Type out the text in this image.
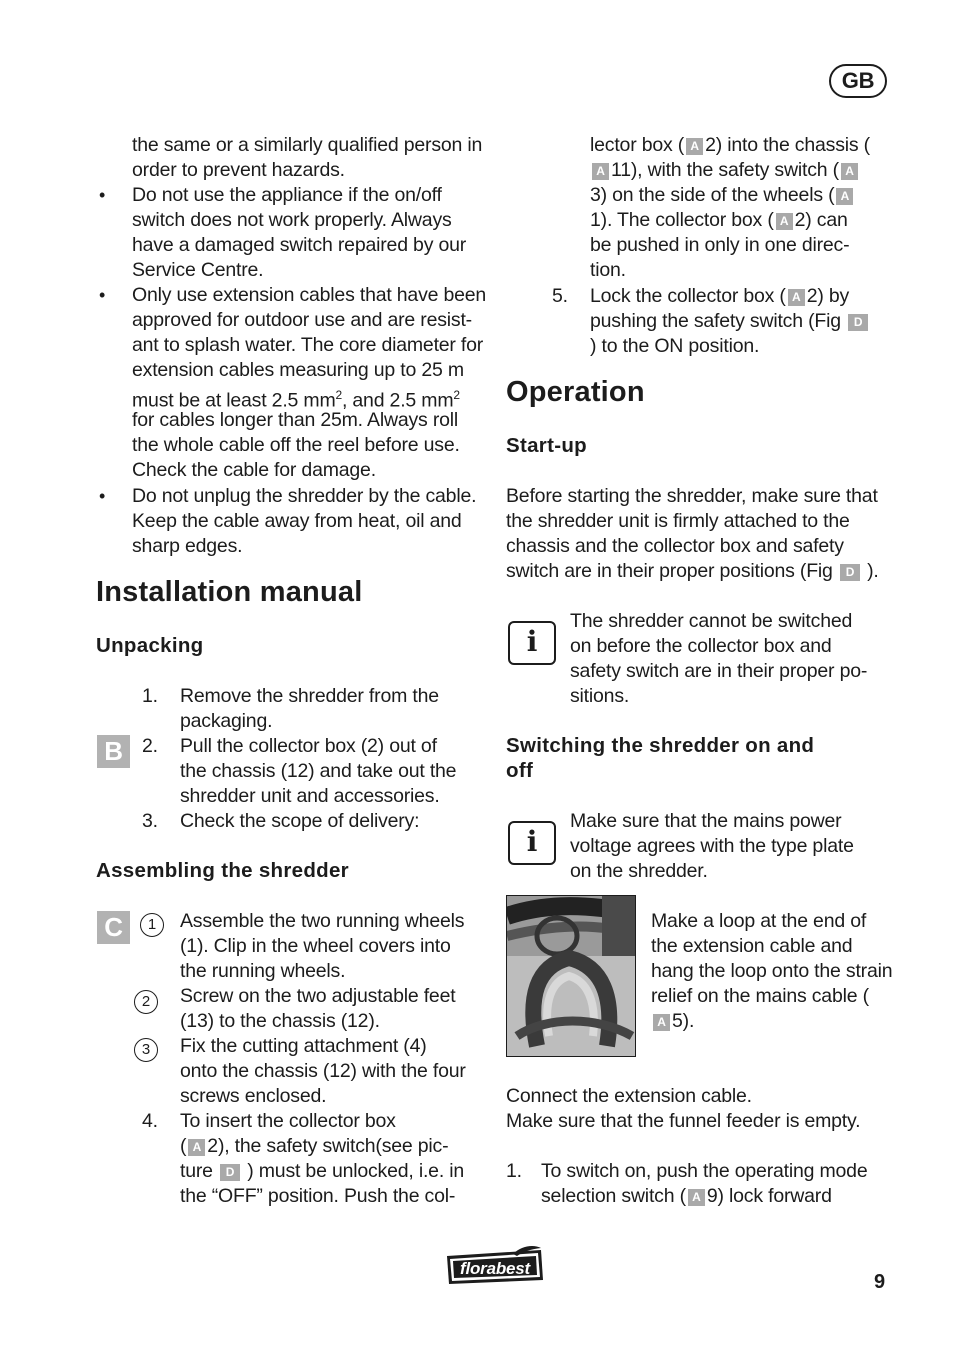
GB
the same or a similarly qualified person in
order to prevent hazards.
• Do not use the appliance if the on/off
switch does not work properly. Always
have a damaged switch repaired by our
Service Centre.
• Only use extension cables that have been
approved for outdoor use and are resist-
ant to splash water. The core diameter for
extension cables measuring up to 25 m
must be at least 2.5 $mm^2$, and 2.5 $mm^2$
for cables longer than 25m. Always roll
the whole cable off the reel before use.
Check the cable for damage.
• Do not unplug the shredder by the cable.
Keep the cable away from heat, oil and
sharp edges.
Installation manual
Unpacking
1. Remove the shredder from the
packaging.
B 2. Pull the collector box (2) out of
the chassis (12) and take out the
shredder unit and accessories.
3. Check the scope of delivery:
Assembling the shredder
C	1	Assemble the two running wheels
(1). Clip in the wheel covers into
the running wheels.
2	Screw on the two adjustable feet
(13) to the chassis (12).
3	Fix the cutting attachment (4)
onto the chassis (12) with the four
screws enclosed.
4. To insert the collector box
( A 2), the safety switch(see pic-
ture D ) must be unlocked, i.e. in
the “OFF” position. Push the col-
lector box ( A 2) into the chassis (
A 11), with the safety switch ( A
3) on the side of the wheels ( A
1). The collector box ( A 2) can
be pushed in only in one direc-
tion.
5. Lock the collector box ( A 2) by
pushing the safety switch (Fig D
) to the ON position.
Operation
Start-up
Before starting the shredder, make sure that
the shredder unit is firmly attached to the
chassis and the collector box and safety
switch are in their proper positions (Fig D ).
i
The shredder cannot be switched
on before the collector box and
safety switch are in their proper po-
sitions.
Switching the shredder on and
off
i
Make sure that the mains power
voltage agrees with the type plate
on the shredder.
Make a loop at the end of
the extension cable and
hang the loop onto the strain
relief on the mains cable (
A 5).
Connect the extension cable.
Make sure that the funnel feeder is empty.
1. To switch on, push the operating mode
selection switch ( A 9) lock forward
florabest
9
